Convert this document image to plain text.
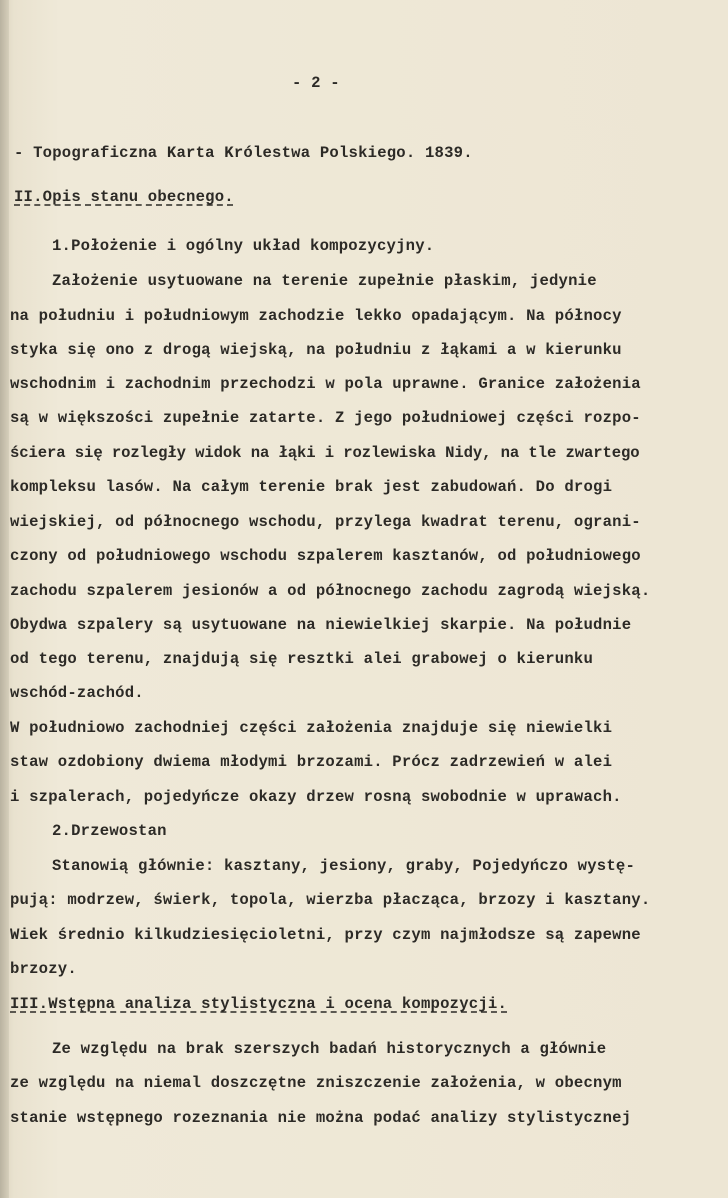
- 2 -
- Topograficzna Karta Królestwa Polskiego. 1839.
II.Opis stanu obecnego.
1.Położenie i ogólny układ kompozycyjny.
Założenie usytuowane na terenie zupełnie płaskim, jedynie
na południu i południowym zachodzie lekko opadającym. Na północy
styka się ono z drogą wiejską, na południu z łąkami a w kierunku
wschodnim i zachodnim przechodzi w pola uprawne. Granice założenia
są w większości zupełnie zatarte. Z jego południowej części rozpo-
ściera się rozległy widok na łąki i rozlewiska Nidy, na tle zwartego
kompleksu lasów. Na całym terenie brak jest zabudowań. Do drogi
wiejskiej, od północnego wschodu, przylega kwadrat terenu, ograni-
czony od południowego wschodu szpalerem kasztanów, od południowego
zachodu szpalerem jesionów a od północnego zachodu zagrodą wiejską.
Obydwa szpalery są usytuowane na niewielkiej skarpie. Na południe
od tego terenu, znajdują się resztki alei grabowej o kierunku
wschód-zachód.
W południowo zachodniej części założenia znajduje się niewielki
staw ozdobiony dwiema młodymi brzozami. Prócz zadrzewień w alei
i szpalerach, pojedyńcze okazy drzew rosną swobodnie w uprawach.
2.Drzewostan
Stanowią głównie: kasztany, jesiony, graby, Pojedyńczo wystę-
pują: modrzew, świerk, topola, wierzba płacząca, brzozy i kasztany.
Wiek średnio kilkudziesięcioletni, przy czym najmłodsze są zapewne
brzozy.
III.Wstępna analiza stylistyczna i ocena kompozycji.
Ze względu na brak szerszych badań historycznych a głównie
ze względu na niemal doszczętne zniszczenie założenia, w obecnym
stanie wstępnego rozeznania nie można podać analizy stylistycznej
